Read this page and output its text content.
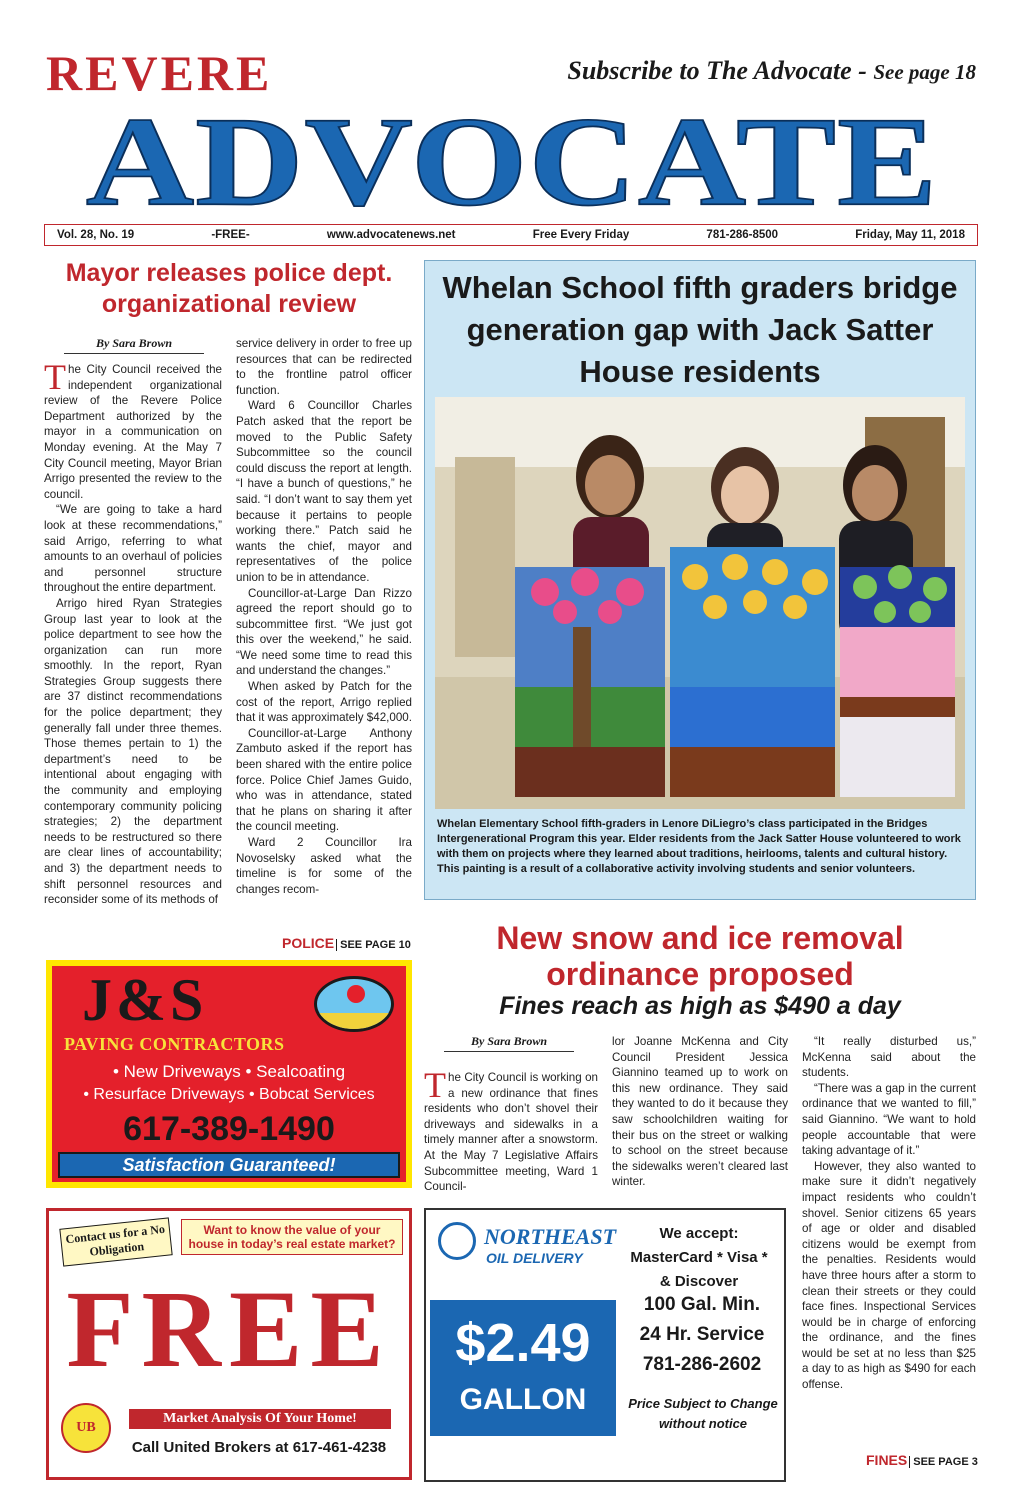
REVERE	Subscribe to The Advocate - See page 18
ADVOCATE
Vol. 28, No. 19	-FREE-	www.advocatenews.net	Free Every Friday	781-286-8500	Friday, May 11, 2018
Mayor releases police dept. organizational review
By Sara Brown

The City Council received the independent organizational review of the Revere Police Department authorized by the mayor in a communication on Monday evening. At the May 7 City Council meeting, Mayor Brian Arrigo presented the review to the council.

“We are going to take a hard look at these recommendations,” said Arrigo, referring to what amounts to an overhaul of policies and personnel structure throughout the entire department.

Arrigo hired Ryan Strategies Group last year to look at the police department to see how the organization can run more smoothly. In the report, Ryan Strategies Group suggests there are 37 distinct recommendations for the police department; they generally fall under three themes. Those themes pertain to 1) the department’s need to be intentional about engaging with the community and employing contemporary community policing strategies; 2) the department needs to be restructured so there are clear lines of accountability; and 3) the department needs to shift personnel resources and reconsider some of its methods of

service delivery in order to free up resources that can be redirected to the frontline patrol officer function.

Ward 6 Councillor Charles Patch asked that the report be moved to the Public Safety Subcommittee so the council could discuss the report at length. “I have a bunch of questions,” he said. “I don’t want to say them yet because it pertains to people working there.” Patch said he wants the chief, mayor and representatives of the police union to be in attendance.

Councillor-at-Large Dan Rizzo agreed the report should go to subcommittee first. “We just got this over the weekend,” he said. “We need some time to read this and understand the changes.”

When asked by Patch for the cost of the report, Arrigo replied that it was approximately $42,000.

Councillor-at-Large Anthony Zambuto asked if the report has been shared with the entire police force. Police Chief James Guido, who was in attendance, stated that he plans on sharing it after the council meeting.

Ward 2 Councillor Ira Novoselsky asked what the timeline is for some of the changes recom-

POLICE SEE PAGE 10
Whelan School fifth graders bridge generation gap with Jack Satter House residents
Whelan Elementary School fifth-graders in Lenore DiLiegro’s class participated in the Bridges Intergenerational Program this year. Elder residents from the Jack Satter House volunteered to work with them on projects where they learned about traditions, heirlooms, talents and cultural history. This painting is a result of a collaborative activity involving students and senior volunteers.
New snow and ice removal ordinance proposed
Fines reach as high as $490 a day
By Sara Brown

The City Council is working on a new ordinance that fines residents who don’t shovel their driveways and sidewalks in a timely manner after a snowstorm. At the May 7 Legislative Affairs Subcommittee meeting, Ward 1 Council-

lor Joanne McKenna and City Council President Jessica Giannino teamed up to work on this new ordinance. They said they wanted to do it because they saw schoolchildren waiting for their bus on the street or walking to school on the street because the sidewalks weren’t cleared last winter.

“It really disturbed us,” McKenna said about the students.

“There was a gap in the current ordinance that we wanted to fill,” said Giannino. “We want to hold people accountable that were taking advantage of it.”

However, they also wanted to make sure it didn’t negatively impact residents who couldn’t shovel. Senior citizens 65 years of age or older and disabled citizens would be exempt from the penalties. Residents would have three hours after a storm to clean their streets or they could face fines. Inspectional Services would be in charge of enforcing the ordinance, and the fines would be set at no less than $25 a day to as high as $490 for each offense.

FINES SEE PAGE 3
J&S
PAVING CONTRACTORS
• New Driveways • Sealcoating
• Resurface Driveways • Bobcat Services
617-389-1490
Satisfaction Guaranteed!
Contact us for a No Obligation
Want to know the value of your house in today’s real estate market?
FREE
UB
Market Analysis Of Your Home!
Call United Brokers at 617-461-4238
NORTHEAST
OIL DELIVERY
We accept: MasterCard * Visa * & Discover
$2.49
GALLON
100 Gal. Min.
24 Hr. Service
781-286-2602
Price Subject to Change without notice
